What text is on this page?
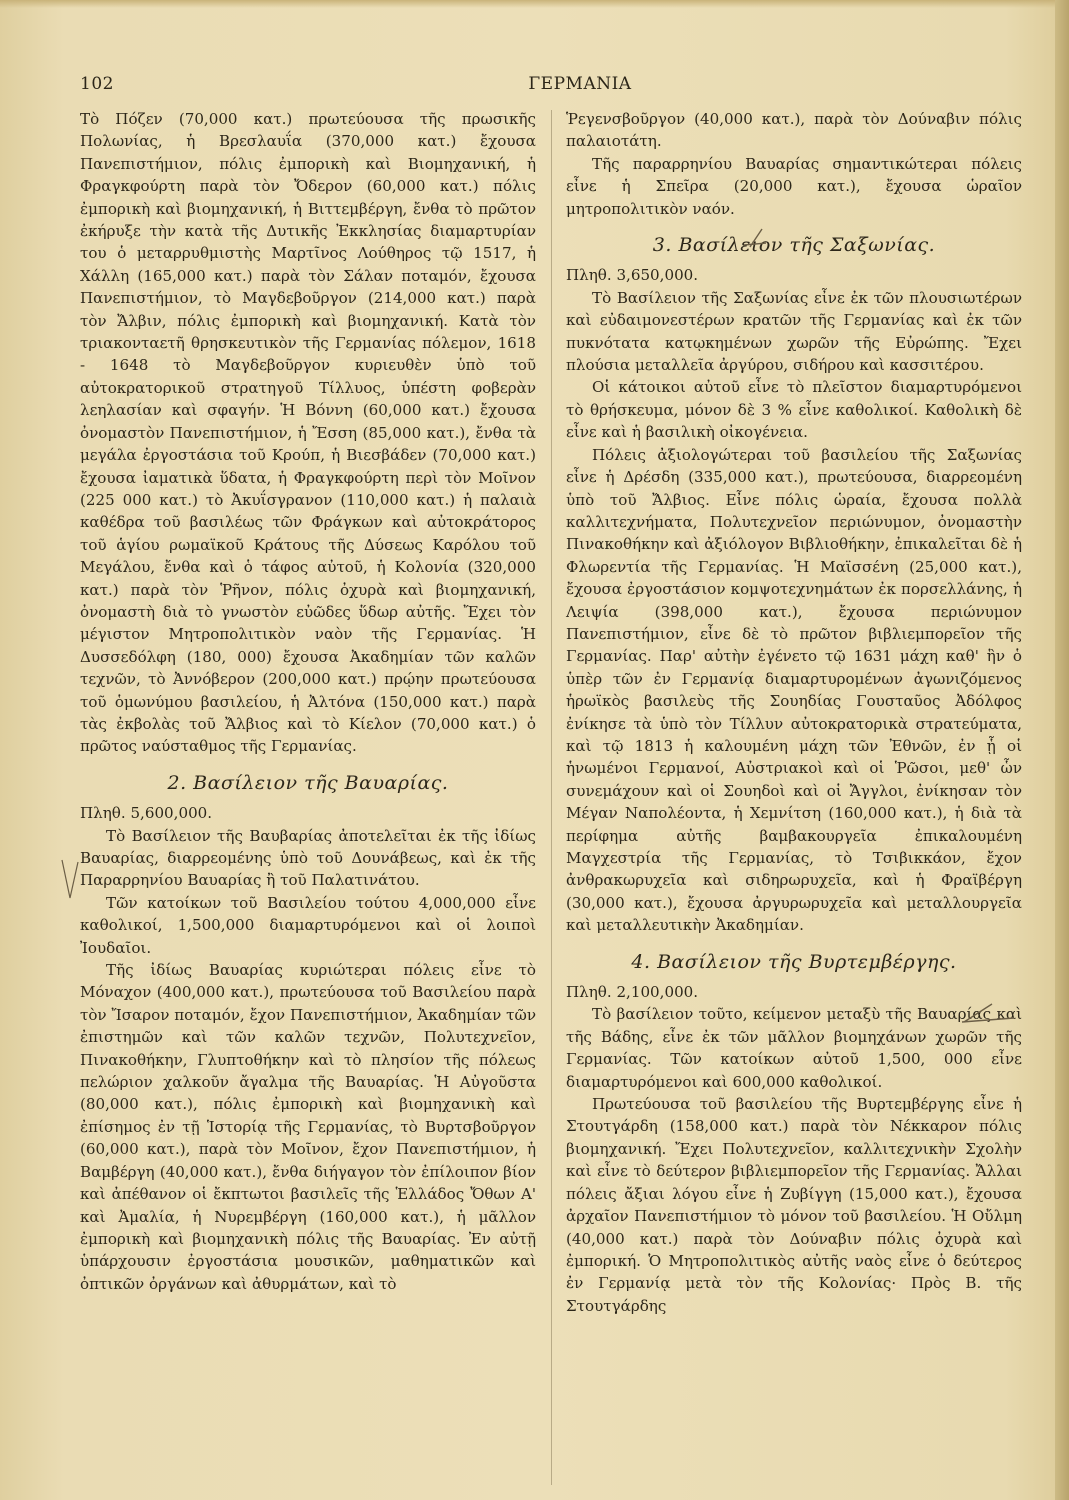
102	ΓΕΡΜΑΝΙΑ

Τὸ Πόζεν (70,000 κατ.) πρωτεύουσα τῆς πρωσικῆς Πολωνίας, ἡ Βρεσλαυΐα (370,000 κατ.) ἔχουσα Πανεπιστήμιον, πόλις ἐμπορικὴ καὶ Βιομηχανική, ἡ Φραγκφούρτη παρὰ τὸν Ὄδερον (60,000 κατ.) πόλις ἐμπορικὴ καὶ βιομηχανική, ἡ Βιττεμβέργη, ἔνθα τὸ πρῶτον ἐκήρυξε τὴν κατὰ τῆς Δυτικῆς Ἐκκλησίας διαμαρτυρίαν του ὁ μεταρρυθμιστὴς Μαρτῖνος Λούθηρος τῷ 1517, ἡ Χάλλη (165,000 κατ.) παρὰ τὸν Σάλαν ποταμόν, ἔχουσα Πανεπιστήμιον, τὸ Μαγδεβοῦργον (214,000 κατ.) παρὰ τὸν Ἄλβιν, πόλις ἐμπορικὴ καὶ βιομηχανική. Κατὰ τὸν τριακονταετῆ θρησκευτικὸν τῆς Γερμανίας πόλεμον, 1618 - 1648 τὸ Μαγδεβοῦργον κυριευθὲν ὑπὸ τοῦ αὐτοκρατορικοῦ στρατηγοῦ Τίλλυος, ὑπέστη φοβερὰν λεηλασίαν καὶ σφαγήν. Ἡ Βόννη (60,000 κατ.) ἔχουσα ὀνομαστὸν Πανεπιστήμιον, ἡ Ἔσση (85,000 κατ.), ἔνθα τὰ μεγάλα ἐργοστάσια τοῦ Κρούπ, ἡ Βιεσβάδεν (70,000 κατ.) ἔχουσα ἰαματικὰ ὕδατα, ἡ Φραγκφούρτη περὶ τὸν Μοῖνον (225 000 κατ.) τὸ Ἀκυΐσγρανον (110,000 κατ.) ἡ παλαιὰ καθέδρα τοῦ βασιλέως τῶν Φράγκων καὶ αὐτοκράτορος τοῦ ἁγίου ρωμαϊκοῦ Κράτους τῆς Δύσεως Καρόλου τοῦ Μεγάλου, ἔνθα καὶ ὁ τάφος αὐτοῦ, ἡ Κολονία (320,000 κατ.) παρὰ τὸν Ῥῆνον, πόλις ὀχυρὰ καὶ βιομηχανική, ὀνομαστὴ διὰ τὸ γνωστὸν εὐῶδες ὕδωρ αὐτῆς. Ἔχει τὸν μέγιστον Μητροπολιτικὸν ναὸν τῆς Γερμανίας. Ἡ Δυσσεδόλφη (180, 000) ἔχουσα Ἀκαδημίαν τῶν καλῶν τεχνῶν, τὸ Ἀννόβερον (200,000 κατ.) πρῴην πρωτεύουσα τοῦ ὁμωνύμου βασιλείου, ἡ Ἀλτόνα (150,000 κατ.) παρὰ τὰς ἐκβολὰς τοῦ Ἄλβιος καὶ τὸ Κίελον (70,000 κατ.) ὁ πρῶτος ναύσταθμος τῆς Γερμανίας.

2. Βασίλειον τῆς Βαυαρίας.

Πληθ. 5,600,000.

Τὸ Βασίλειον τῆς Βαυβαρίας ἀποτελεῖται ἐκ τῆς ἰδίως Βαυαρίας, διαρρεομένης ὑπὸ τοῦ Δουνάβεως, καὶ ἐκ τῆς Παραρρηνίου Βαυαρίας ἢ τοῦ Παλατινάτου.

Τῶν κατοίκων τοῦ Βασιλείου τούτου 4,000,000 εἶνε καθολικοί, 1,500,000 διαμαρτυρόμενοι καὶ οἱ λοιποὶ Ἰουδαῖοι.

Τῆς ἰδίως Βαυαρίας κυριώτεραι πόλεις εἶνε τὸ Μόναχον (400,000 κατ.), πρωτεύουσα τοῦ Βασιλείου παρὰ τὸν Ἴσαρον ποταμόν, ἔχον Πανεπιστήμιον, Ἀκαδημίαν τῶν ἐπιστημῶν καὶ τῶν καλῶν τεχνῶν, Πολυτεχνεῖον, Πινακοθήκην, Γλυπτοθήκην καὶ τὸ πλησίον τῆς πόλεως πελώριον χαλκοῦν ἄγαλμα τῆς Βαυαρίας. Ἡ Αὐγοῦστα (80,000 κατ.), πόλις ἐμπορικὴ καὶ βιομηχανικὴ καὶ ἐπίσημος ἐν τῇ Ἱστορίᾳ τῆς Γερμανίας, τὸ Βυρτσβοῦργον (60,000 κατ.), παρὰ τὸν Μοῖνον, ἔχον Πανεπιστήμιον, ἡ Βαμβέργη (40,000 κατ.), ἔνθα διήγαγον τὸν ἐπίλοιπον βίον καὶ ἀπέθανον οἱ ἔκπτωτοι βασιλεῖς τῆς Ἑλλάδος Ὄθων Α' καὶ Ἀμαλία, ἡ Νυρεμβέργη (160,000 κατ.), ἡ μᾶλλον ἐμπορικὴ καὶ βιομηχανικὴ πόλις τῆς Βαυαρίας. Ἐν αὐτῇ ὑπάρχουσιν ἐργοστάσια μουσικῶν, μαθηματικῶν καὶ ὀπτικῶν ὀργάνων καὶ ἀθυρμάτων, καὶ τὸ

Ῥεγενσβοῦργον (40,000 κατ.), παρὰ τὸν Δούναβιν πόλις παλαιοτάτη.

Τῆς παραρρηνίου Βαυαρίας σημαντικώτεραι πόλεις εἶνε ἡ Σπεῖρα (20,000 κατ.), ἔχουσα ὡραῖον μητροπολιτικὸν ναόν.

3. Βασίλειον τῆς Σαξωνίας.

Πληθ. 3,650,000.

Τὸ Βασίλειον τῆς Σαξωνίας εἶνε ἐκ τῶν πλουσιωτέρων καὶ εὐδαιμονεστέρων κρατῶν τῆς Γερμανίας καὶ ἐκ τῶν πυκνότατα κατῳκημένων χωρῶν τῆς Εὐρώπης. Ἔχει πλούσια μεταλλεῖα ἀργύρου, σιδήρου καὶ κασσιτέρου.

Οἱ κάτοικοι αὐτοῦ εἶνε τὸ πλεῖστον διαμαρτυρόμενοι τὸ θρήσκευμα, μόνον δὲ 3 % εἶνε καθολικοί. Καθολικὴ δὲ εἶνε καὶ ἡ βασιλικὴ οἰκογένεια.

Πόλεις ἀξιολογώτεραι τοῦ βασιλείου τῆς Σαξωνίας εἶνε ἡ Δρέσδη (335,000 κατ.), πρωτεύουσα, διαρρεομένη ὑπὸ τοῦ Ἄλβιος. Εἶνε πόλις ὡραία, ἔχουσα πολλὰ καλλιτεχνήματα, Πολυτεχνεῖον περιώνυμον, ὀνομαστὴν Πινακοθήκην καὶ ἀξιόλογον Βιβλιοθήκην, ἐπικαλεῖται δὲ ἡ Φλωρεντία τῆς Γερμανίας. Ἡ Μαϊσσένη (25,000 κατ.), ἔχουσα ἐργοστάσιον κομψοτεχνημάτων ἐκ πορσελλάνης, ἡ Λειψία (398,000 κατ.), ἔχουσα περιώνυμον Πανεπιστήμιον, εἶνε δὲ τὸ πρῶτον βιβλιεμπορεῖον τῆς Γερμανίας. Παρ' αὐτὴν ἐγένετο τῷ 1631 μάχη καθ' ἣν ὁ ὑπὲρ τῶν ἐν Γερμανίᾳ διαμαρτυρομένων ἀγωνιζόμενος ἡρωϊκὸς βασιλεὺς τῆς Σουηδίας Γουσταῦος Ἀδόλφος ἐνίκησε τὰ ὑπὸ τὸν Τίλλυν αὐτοκρατορικὰ στρατεύματα, καὶ τῷ 1813 ἡ καλουμένη μάχη τῶν Ἐθνῶν, ἐν ᾗ οἱ ἡνωμένοι Γερμανοί, Αὐστριακοὶ καὶ οἱ Ῥῶσοι, μεθ' ὧν συνεμάχουν καὶ οἱ Σουηδοὶ καὶ οἱ Ἄγγλοι, ἐνίκησαν τὸν Μέγαν Ναπολέοντα, ἡ Χεμνίτση (160,000 κατ.), ἡ διὰ τὰ περίφημα αὐτῆς βαμβακουργεῖα ἐπικαλουμένη Μαγχεστρία τῆς Γερμανίας, τὸ Τσιβικκάον, ἔχον ἀνθρακωρυχεῖα καὶ σιδηρωρυχεῖα, καὶ ἡ Φραϊβέργη (30,000 κατ.), ἔχουσα ἀργυρωρυχεῖα καὶ μεταλλουργεῖα καὶ μεταλλευτικὴν Ἀκαδημίαν.

4. Βασίλειον τῆς Βυρτεμβέργης.

Πληθ. 2,100,000.

Τὸ βασίλειον τοῦτο, κείμενον μεταξὺ τῆς Βαυαρίας καὶ τῆς Βάδης, εἶνε ἐκ τῶν μᾶλλον βιομηχάνων χωρῶν τῆς Γερμανίας. Τῶν κατοίκων αὐτοῦ 1,500, 000 εἶνε διαμαρτυρόμενοι καὶ 600,000 καθολικοί.

Πρωτεύουσα τοῦ βασιλείου τῆς Βυρτεμβέργης εἶνε ἡ Στουτγάρδη (158,000 κατ.) παρὰ τὸν Νέκκαρον πόλις βιομηχανική. Ἔχει Πολυτεχνεῖον, καλλιτεχνικὴν Σχολὴν καὶ εἶνε τὸ δεύτερον βιβλιεμπορεῖον τῆς Γερμανίας. Ἄλλαι πόλεις ἄξιαι λόγου εἶνε ἡ Ζυβίγγη (15,000 κατ.), ἔχουσα ἀρχαῖον Πανεπιστήμιον τὸ μόνον τοῦ βασιλείου. Ἡ Οὔλμη (40,000 κατ.) παρὰ τὸν Δούναβιν πόλις ὀχυρὰ καὶ ἐμπορική. Ὁ Μητροπολιτικὸς αὐτῆς ναὸς εἶνε ὁ δεύτερος ἐν Γερμανίᾳ μετὰ τὸν τῆς Κολονίας· Πρὸς Β. τῆς Στουτγάρδης
